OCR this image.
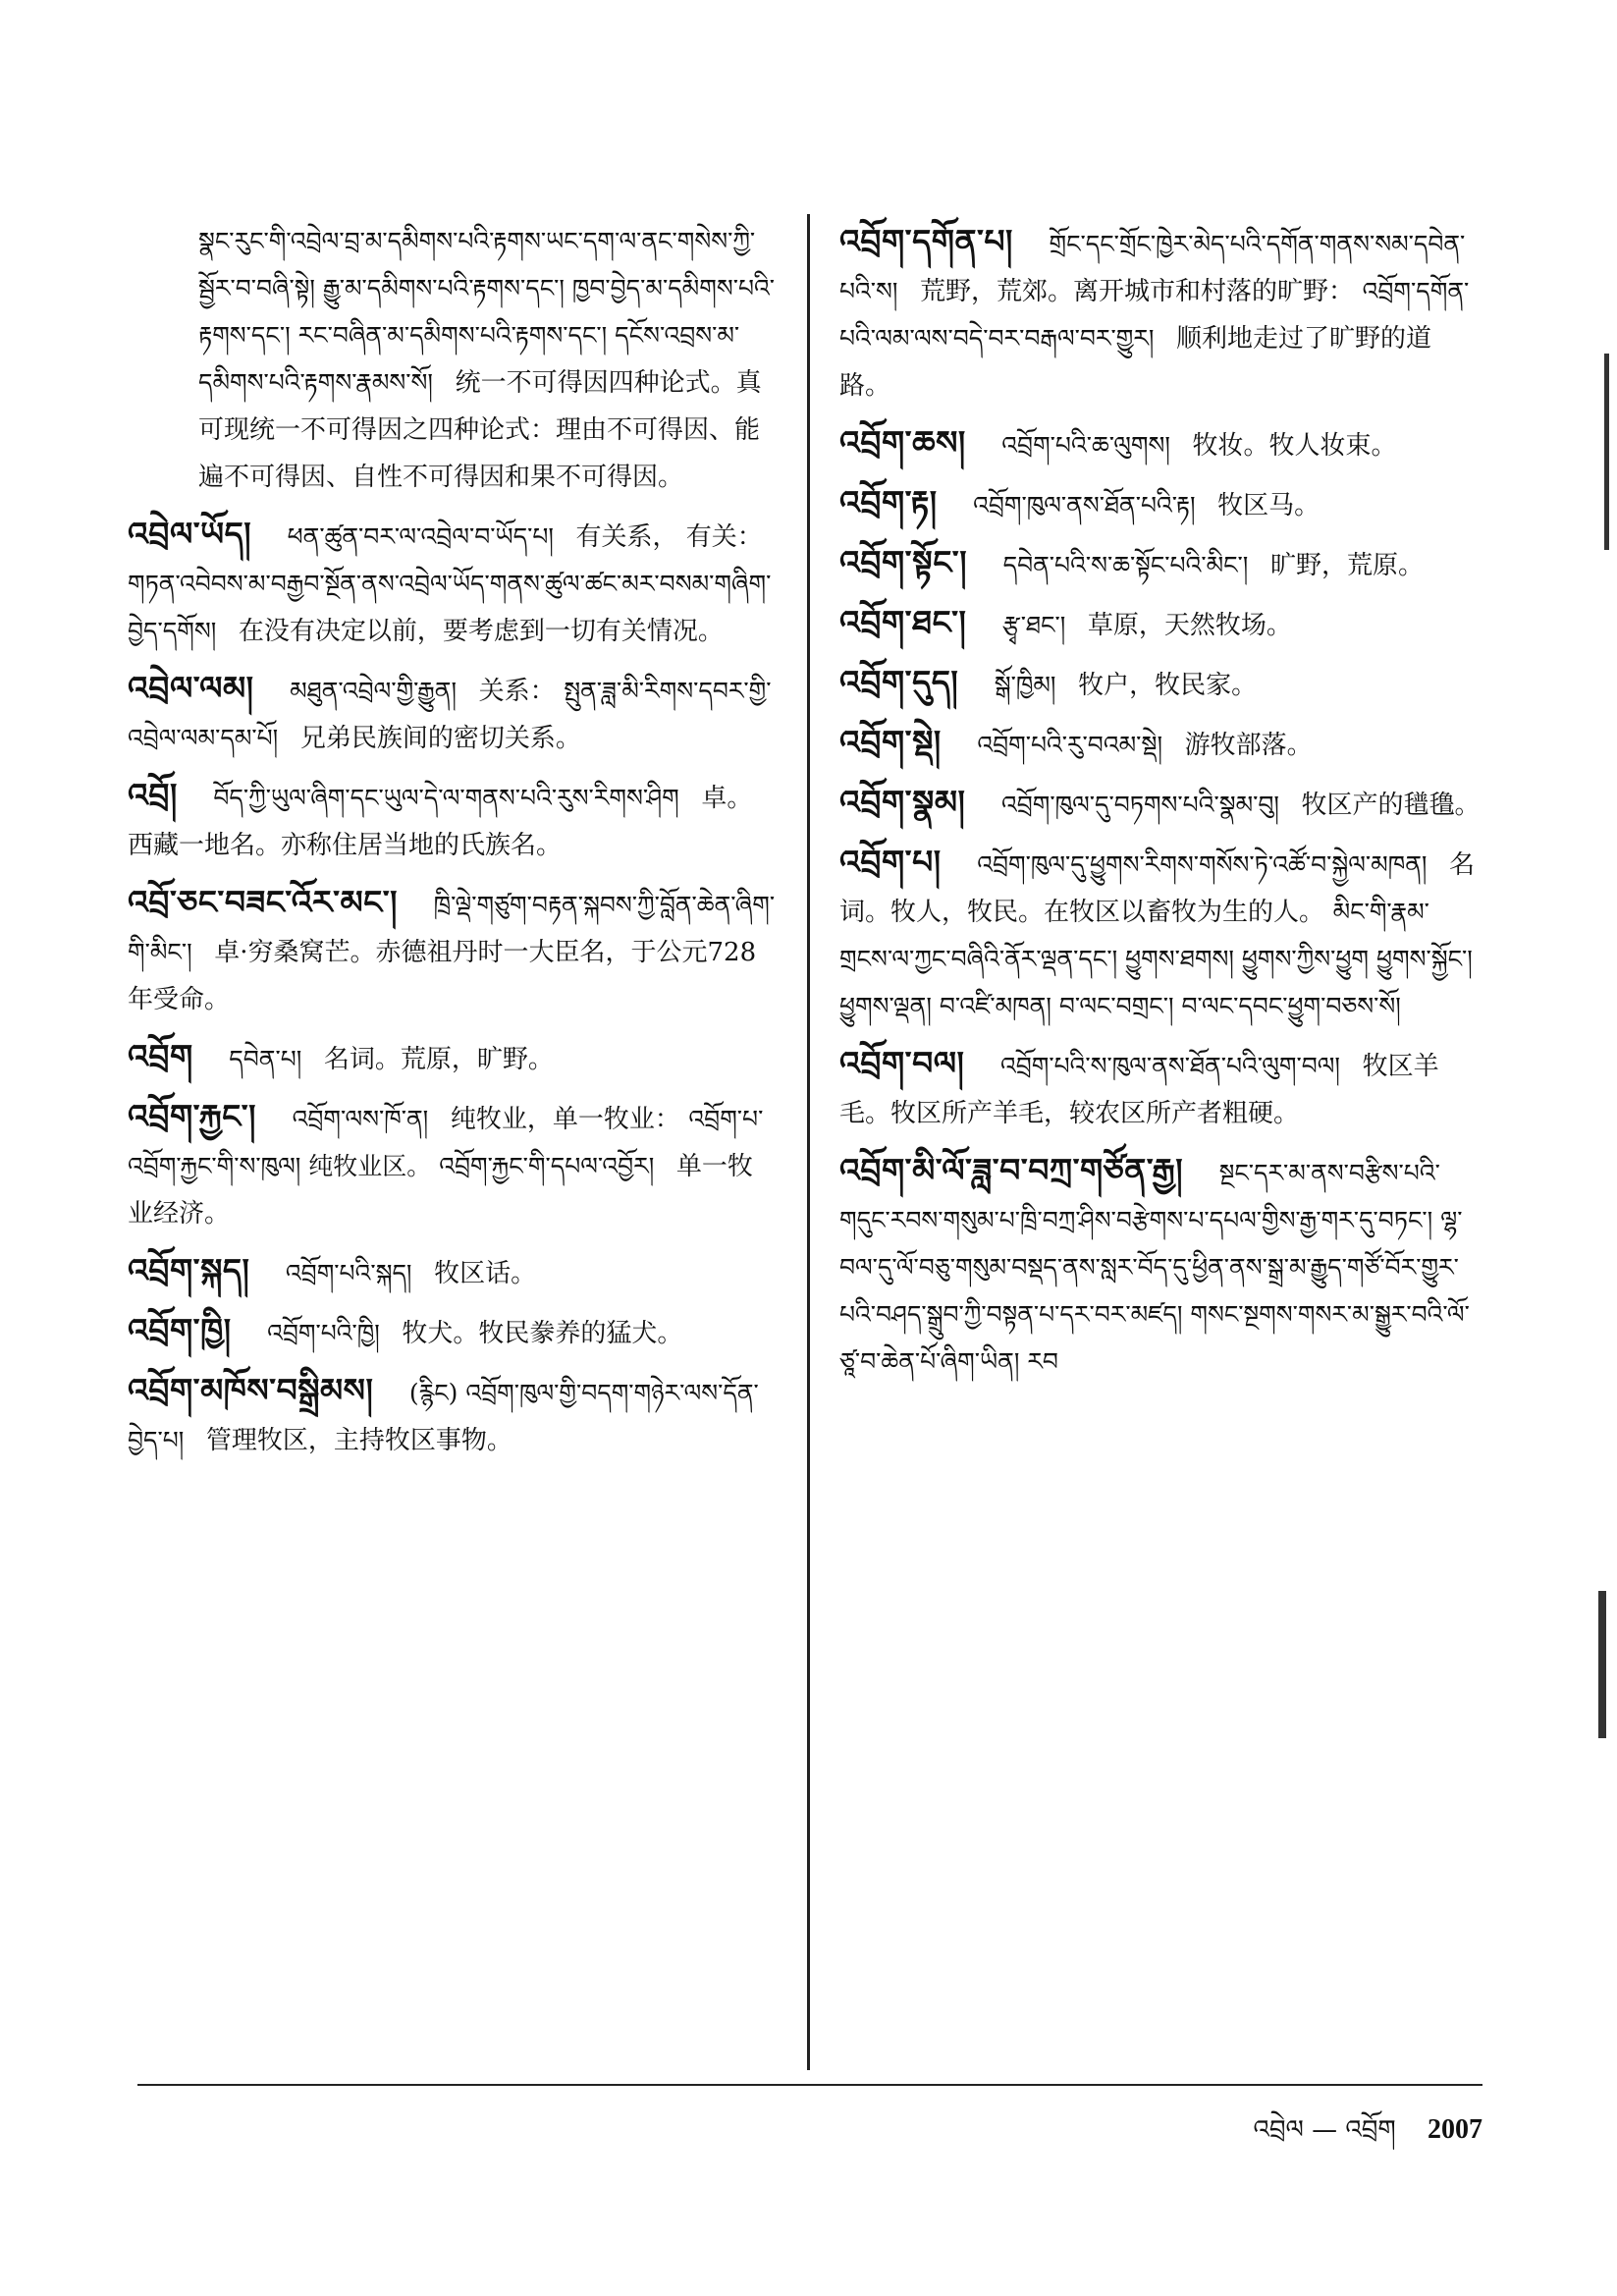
སྣང་རུང་གི་འབྲེལ་བྲ་མ་དམིགས་པའི་རྟགས་ཡང་དག་ལ་ནང་གསེས་ཀྱི་སྦྱོར་བ་བཞི་སྟེ། རྒྱུ་མ་དམིགས་པའི་རྟགས་དང་། ཁྱབ་བྱེད་མ་དམིགས་པའི་རྟགས་དང་། རང་བཞིན་མ་དམིགས་པའི་རྟགས་དང་། དངོས་འབྲས་མ་དམིགས་པའི་རྟགས་རྣམས་སོ། 统一不可得因四种论式。真可现统一不可得因之四种论式：理由不可得因、能遍不可得因、自性不可得因和果不可得因。
འབྲེལ་ཡོད། ཕན་ཚུན་བར་ལ་འབྲེལ་བ་ཡོད་པ། 有关系， 有关： གཏན་འབེབས་མ་བརྒྱབ་སྔོན་ནས་འབྲེལ་ཡོད་གནས་ཚུལ་ཚང་མར་བསམ་གཞིག་བྱེད་དགོས། 在没有决定以前，要考虑到一切有关情况。
འབྲེལ་ལམ། མཐུན་འབྲེལ་གྱི་རྒྱུན། 关系： སྤུན་ཟླ་མི་རིགས་དབར་གྱི་འབྲེལ་ལམ་དམ་པོ། 兄弟民族间的密切关系。
འབྲོ། བོད་ཀྱི་ཡུལ་ཞིག་དང་ཡུལ་དེ་ལ་གནས་པའི་རུས་རིགས་ཤིག 卓。西藏一地名。亦称住居当地的氏族名。
འབྲོ་ཅང་བཟང་འོར་མང་། ཁྲི་ལྡེ་གཙུག་བརྟན་སྐབས་ཀྱི་བློན་ཆེན་ཞིག་གི་མིང་། 卓·穷桑窝芒。赤德祖丹时一大臣名，于公元728年受命。
འབྲོག དབེན་པ། 名词。荒原，旷野。
འབྲོག་རྐྱང་། འབྲོག་ལས་ཁོ་ན། 纯牧业，单一牧业： འབྲོག་པ་འབྲོག་རྐྱང་གི་ས་ཁུལ། 纯牧业区。 འབྲོག་རྐྱང་གི་དཔལ་འབྱོར། 单一牧业经济。
འབྲོག་སྐད། འབྲོག་པའི་སྐད། 牧区话。
འབྲོག་ཁྱི། འབྲོག་པའི་ཁྱི། 牧犬。牧民豢养的猛犬。
འབྲོག་མཁོས་བསྒྲིམས། (རྙིང) འབྲོག་ཁུལ་གྱི་བདག་གཉེར་ལས་དོན་བྱེད་པ། 管理牧区，主持牧区事物。
འབྲོག་དགོན་པ། གྲོང་དང་གྲོང་ཁྱེར་མེད་པའི་དགོན་གནས་སམ་དབེན་པའི་ས། 荒野，荒郊。离开城市和村落的旷野： འབྲོག་དགོན་པའི་ལམ་ལས་བདེ་བར་བརྒལ་བར་གྱུར། 顺利地走过了旷野的道路。
འབྲོག་ཆས། འབྲོག་པའི་ཆ་ལུགས། 牧妆。牧人妆束。
འབྲོག་རྟ། འབྲོག་ཁུལ་ནས་ཐོན་པའི་རྟ། 牧区马。
འབྲོག་སྟོང་། དབེན་པའི་ས་ཆ་སྟོང་པའི་མིང་། 旷野，荒原。
འབྲོག་ཐང་། རྩྭ་ཐང་། 草原，天然牧场。
འབྲོག་དུད། སྒོ་ཁྱིམ། 牧户，牧民家。
འབྲོག་སྡེ། འབྲོག་པའི་རུ་བའམ་སྡེ། 游牧部落。
འབྲོག་སྣམ། འབྲོག་ཁུལ་དུ་བཏགས་པའི་སྣམ་བུ། 牧区产的氆氇。
འབྲོག་པ། འབྲོག་ཁུལ་དུ་ཕྱུགས་རིགས་གསོས་ཏེ་འཚོ་བ་སྐྱེལ་མཁན། 名词。牧人，牧民。在牧区以畜牧为生的人。 མིང་གི་རྣམ་གྲངས་ལ་ཀྱང་བཞིའི་ནོར་ལྡན་དང་། ཕྱུགས་ཐགས། ཕྱུགས་ཀྱིས་ཕྱུག ཕྱུགས་སྐྱོང་། ཕྱུགས་ལྡན། བ་འཛི་མཁན། བ་ལང་བགྲང་། བ་ལང་དབང་ཕྱུག་བཅས་སོ།
འབྲོག་བལ། འབྲོག་པའི་ས་ཁུལ་ནས་ཐོན་པའི་ལུག་བལ། 牧区羊毛。牧区所产羊毛，较农区所产者粗硬。
འབྲོག་མི་ལོ་ཟླ་བ་བཀྲ་གཙོན་རྒྱ། སྔང་དར་མ་ནས་བརྩིས་པའི་གདུང་རབས་གསུམ་པ་ཁྲི་བཀྲ་ཤིས་བརྩེགས་པ་དཔལ་གྱིས་རྒྱ་གར་དུ་བཏང་། ལྷ་བལ་དུ་ལོ་བཅུ་གསུམ་བསྡད་ནས་སླར་བོད་དུ་ཕྱིན་ནས་སྒྲ་མ་རྒྱུད་གཙོ་བོར་གྱུར་པའི་བཤད་སྒྲུབ་ཀྱི་བསྟན་པ་དར་བར་མཛད། གསང་སྔགས་གསར་མ་སྒྱུར་བའི་ལོ་ཙཱ་བ་ཆེན་པོ་ཞིག་ཡིན། རབ
འབྲེལ — འབྲོག 2007
